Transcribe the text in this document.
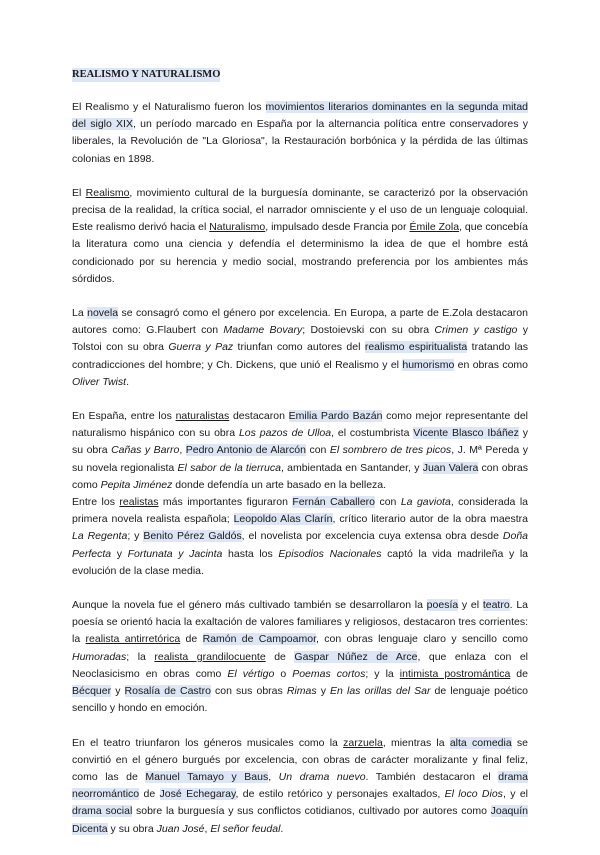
REALISMO Y NATURALISMO

El Realismo y el Naturalismo fueron los movimientos literarios dominantes en la segunda mitad del siglo XIX, un período marcado en España por la alternancia política entre conservadores y liberales, la Revolución de "La Gloriosa", la Restauración borbónica y la pérdida de las últimas colonias en 1898.

El Realismo, movimiento cultural de la burguesía dominante, se caracterizó por la observación precisa de la realidad, la crítica social, el narrador omnisciente y el uso de un lenguaje coloquial. Este realismo derivó hacia el Naturalismo, impulsado desde Francia por Émile Zola, que concebía la literatura como una ciencia y defendía el determinismo la idea de que el hombre está condicionado por su herencia y medio social, mostrando preferencia por los ambientes más sórdidos.

La novela se consagró como el género por excelencia. En Europa, a parte de E.Zola destacaron autores como: G.Flaubert con Madame Bovary; Dostoievski con su obra Crimen y castigo y Tolstoi con su obra Guerra y Paz triunfan como autores del realismo espiritualista tratando las contradicciones del hombre; y Ch. Dickens, que unió el Realismo y el humorismo en obras como Oliver Twist.

En España, entre los naturalistas destacaron Emilia Pardo Bazán como mejor representante del naturalismo hispánico con su obra Los pazos de Ulloa, el costumbrista Vicente Blasco Ibáñez y su obra Cañas y Barro, Pedro Antonio de Alarcón con El sombrero de tres picos, J. Mª Pereda y su novela regionalista El sabor de la tierruca, ambientada en Santander, y Juan Valera con obras como Pepita Jiménez donde defendía un arte basado en la belleza.

Entre los realistas más importantes figuraron Fernán Caballero con La gaviota, considerada la primera novela realista española; Leopoldo Alas Clarín, crítico literario autor de la obra maestra La Regenta; y Benito Pérez Galdós, el novelista por excelencia cuya extensa obra desde Doña Perfecta y Fortunata y Jacinta hasta los Episodios Nacionales captó la vida madrileña y la evolución de la clase media.

Aunque la novela fue el género más cultivado también se desarrollaron la poesía y el teatro. La poesía se orientó hacia la exaltación de valores familiares y religiosos, destacaron tres corrientes: la realista antirretórica de Ramón de Campoamor, con obras lenguaje claro y sencillo como Humoradas; la realista grandilocuente de Gaspar Núñez de Arce, que enlaza con el Neoclasicismo en obras como El vértigo o Poemas cortos; y la intimista postromántica de Bécquer y Rosalía de Castro con sus obras Rimas y En las orillas del Sar de lenguaje poético sencillo y hondo en emoción.

En el teatro triunfaron los géneros musicales como la zarzuela, mientras la alta comedia se convirtió en el género burgués por excelencia, con obras de carácter moralizante y final feliz, como las de Manuel Tamayo y Baus, Un drama nuevo. También destacaron el drama neorromántico de José Echegaray, de estilo retórico y personajes exaltados, El loco Dios, y el drama social sobre la burguesía y sus conflictos cotidianos, cultivado por autores como Joaquín Dicenta y su obra Juan José, El señor feudal.
